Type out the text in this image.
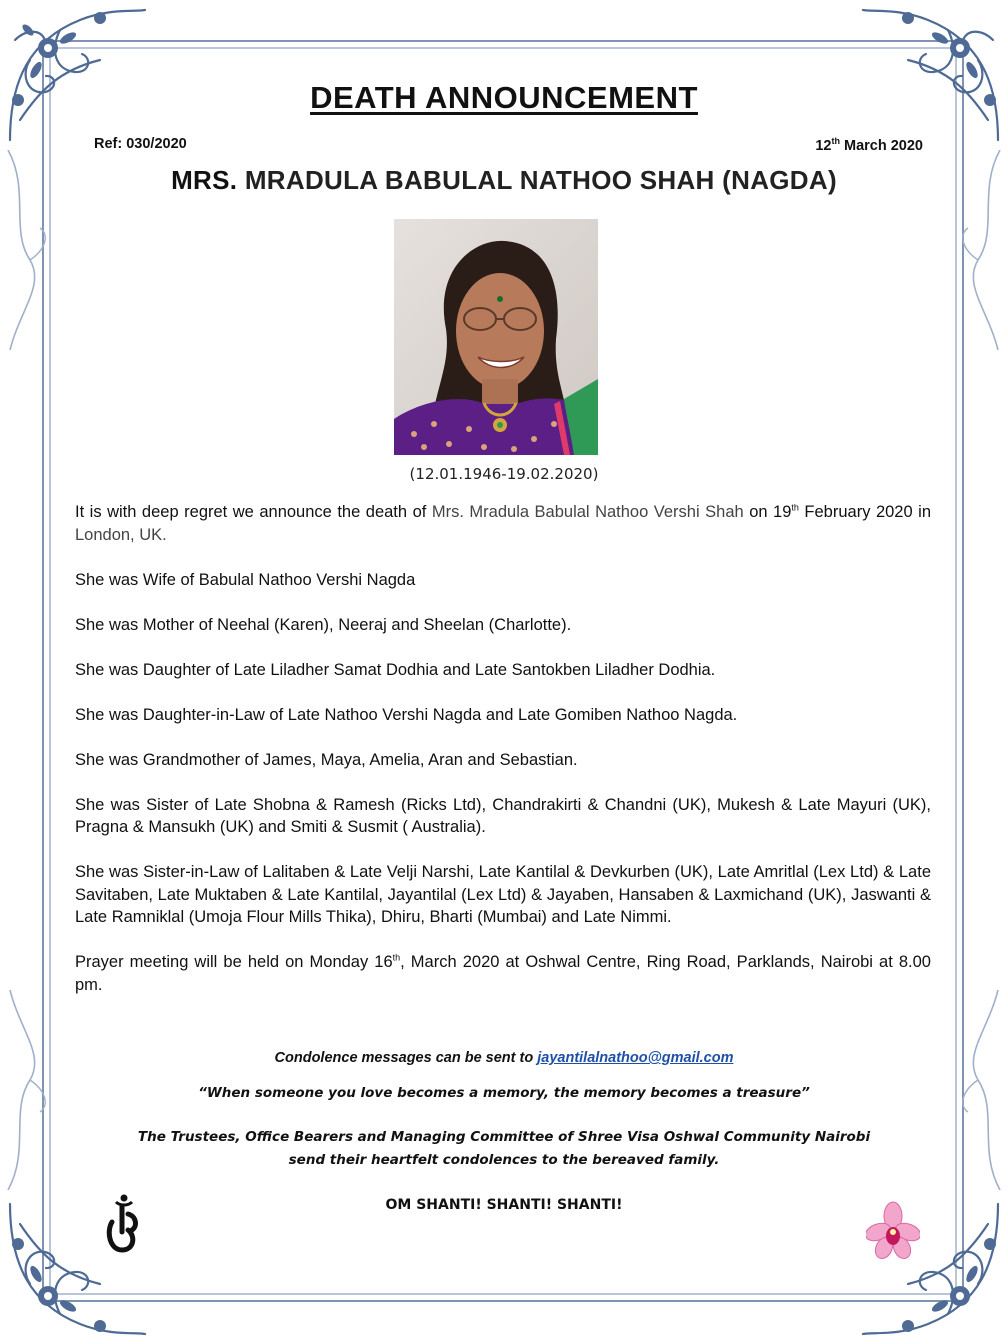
DEATH ANNOUNCEMENT
Ref: 030/2020	12th March 2020
MRS. MRADULA BABULAL NATHOO SHAH (NAGDA)
(12.01.1946-19.02.2020)

It is with deep regret we announce the death of Mrs. Mradula Babulal Nathoo Vershi Shah on 19th February 2020 in London, UK.

She was Wife of Babulal Nathoo Vershi Nagda

She was Mother of Neehal (Karen), Neeraj and Sheelan (Charlotte).

She was Daughter of Late Liladher Samat Dodhia and Late Santokben Liladher Dodhia.

She was Daughter-in-Law of Late Nathoo Vershi Nagda and Late Gomiben Nathoo Nagda.

She was Grandmother of James, Maya, Amelia, Aran and Sebastian.

She was Sister of Late Shobna & Ramesh (Ricks Ltd), Chandrakirti & Chandni (UK), Mukesh & Late Mayuri (UK), Pragna & Mansukh (UK) and Smiti & Susmit ( Australia).

She was Sister-in-Law of Lalitaben & Late Velji Narshi, Late Kantilal & Devkurben (UK), Late Amritlal (Lex Ltd) & Late Savitaben, Late Muktaben & Late Kantilal, Jayantilal (Lex Ltd) & Jayaben, Hansaben & Laxmichand (UK), Jaswanti & Late Ramniklal (Umoja Flour Mills Thika), Dhiru, Bharti (Mumbai) and Late Nimmi.

Prayer meeting will be held on Monday 16th, March 2020 at Oshwal Centre, Ring Road, Parklands, Nairobi at 8.00 pm.

Condolence messages can be sent to jayantilalnathoo@gmail.com
“When someone you love becomes a memory, the memory becomes a treasure”
The Trustees, Office Bearers and Managing Committee of Shree Visa Oshwal Community Nairobi
send their heartfelt condolences to the bereaved family.
OM SHANTI! SHANTI! SHANTI!
